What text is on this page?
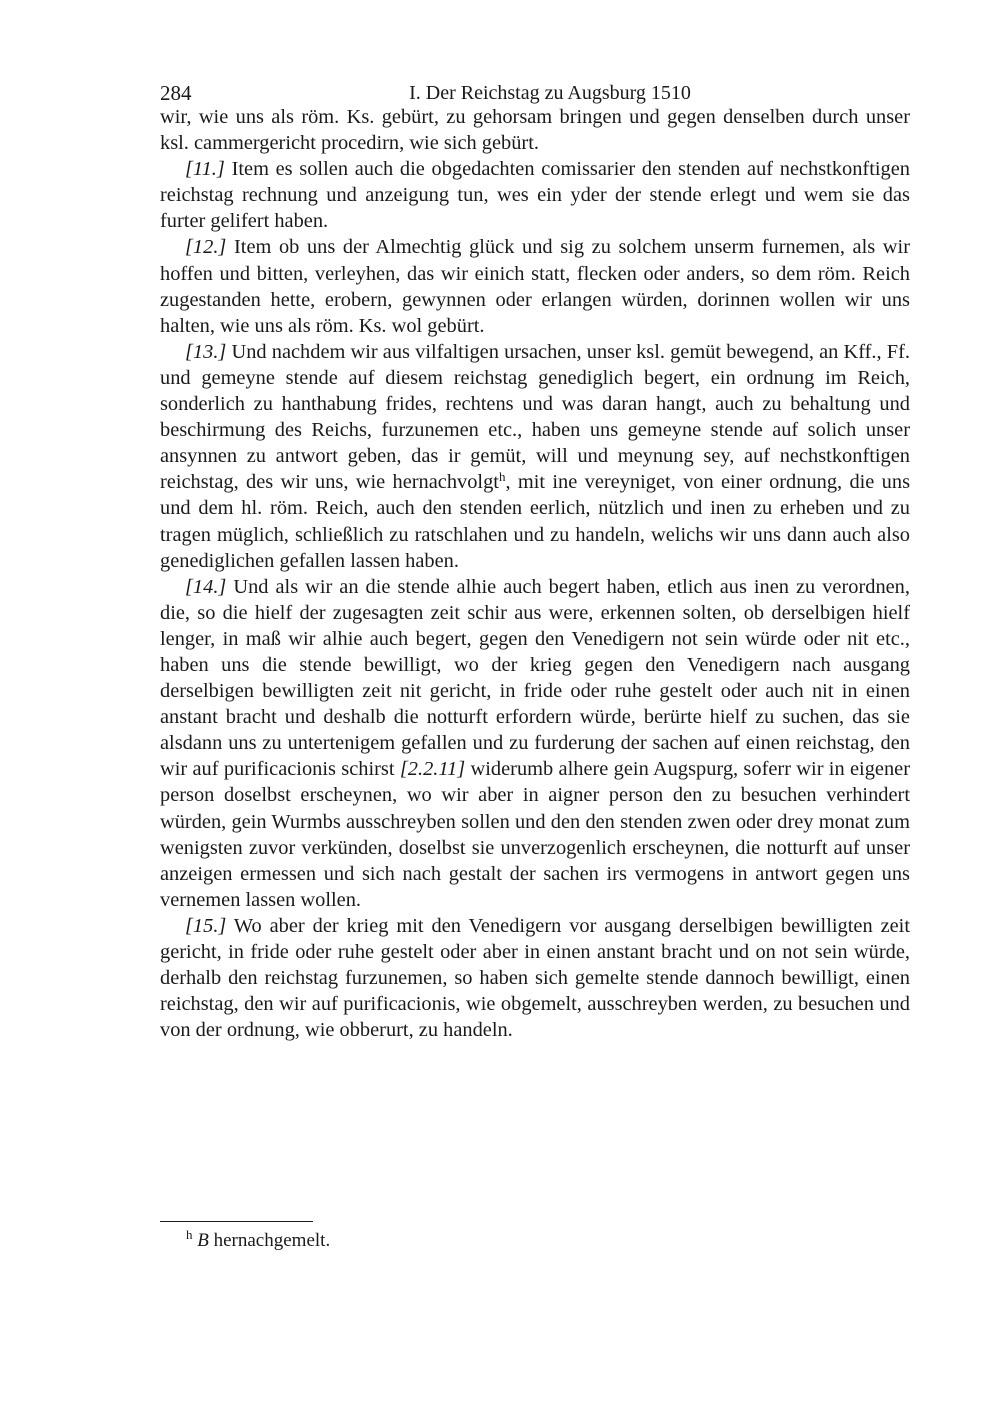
284	I. Der Reichstag zu Augsburg 1510

wir, wie uns als röm. Ks. gebürt, zu gehorsam bringen und gegen denselben durch unser ksl. cammergericht procedirn, wie sich gebürt.

[11.] Item es sollen auch die obgedachten comissarier den stenden auf nechstkonftigen reichstag rechnung und anzeigung tun, wes ein yder der stende erlegt und wem sie das furter gelifert haben.

[12.] Item ob uns der Almechtig glück und sig zu solchem unserm furnemen, als wir hoffen und bitten, verleyhen, das wir einich statt, flecken oder anders, so dem röm. Reich zugestanden hette, erobern, gewynnen oder erlangen würden, dorinnen wollen wir uns halten, wie uns als röm. Ks. wol gebürt.

[13.] Und nachdem wir aus vilfaltigen ursachen, unser ksl. gemüt bewegend, an Kff., Ff. und gemeyne stende auf diesem reichstag genediglich begert, ein ordnung im Reich, sonderlich zu hanthabung frides, rechtens und was daran hangt, auch zu behaltung und beschirmung des Reichs, furzunemen etc., haben uns gemeyne stende auf solich unser ansynnen zu antwort geben, das ir gemüt, will und meynung sey, auf nechstkonftigen reichstag, des wir uns, wie hernachvolgt$^h$, mit ine vereyniget, von einer ordnung, die uns und dem hl. röm. Reich, auch den stenden eerlich, nützlich und inen zu erheben und zu tragen müglich, schließlich zu ratschlahen und zu handeln, welichs wir uns dann auch also genediglichen gefallen lassen haben.

[14.] Und als wir an die stende alhie auch begert haben, etlich aus inen zu verordnen, die, so die hielf der zugesagten zeit schir aus were, erkennen solten, ob derselbigen hielf lenger, in maß wir alhie auch begert, gegen den Venedigern not sein würde oder nit etc., haben uns die stende bewilligt, wo der krieg gegen den Venedigern nach ausgang derselbigen bewilligten zeit nit gericht, in fride oder ruhe gestelt oder auch nit in einen anstant bracht und deshalb die notturft erfordern würde, berürte hielf zu suchen, das sie alsdann uns zu untertenigem gefallen und zu furderung der sachen auf einen reichstag, den wir auf purificacionis schirst [2.2.11] widerumb alhere gein Augspurg, soferr wir in eigener person doselbst erscheynen, wo wir aber in aigner person den zu besuchen verhindert würden, gein Wurmbs ausschreyben sollen und den den stenden zwen oder drey monat zum wenigsten zuvor verkünden, doselbst sie unverzogenlich erscheynen, die notturft auf unser anzeigen ermessen und sich nach gestalt der sachen irs vermogens in antwort gegen uns vernemen lassen wollen.

[15.] Wo aber der krieg mit den Venedigern vor ausgang derselbigen bewilligten zeit gericht, in fride oder ruhe gestelt oder aber in einen anstant bracht und on not sein würde, derhalb den reichstag furzunemen, so haben sich gemelte stende dannoch bewilligt, einen reichstag, den wir auf purificacionis, wie obgemelt, ausschreyben werden, zu besuchen und von der ordnung, wie obberurt, zu handeln.

$^h$ B hernachgemelt.
